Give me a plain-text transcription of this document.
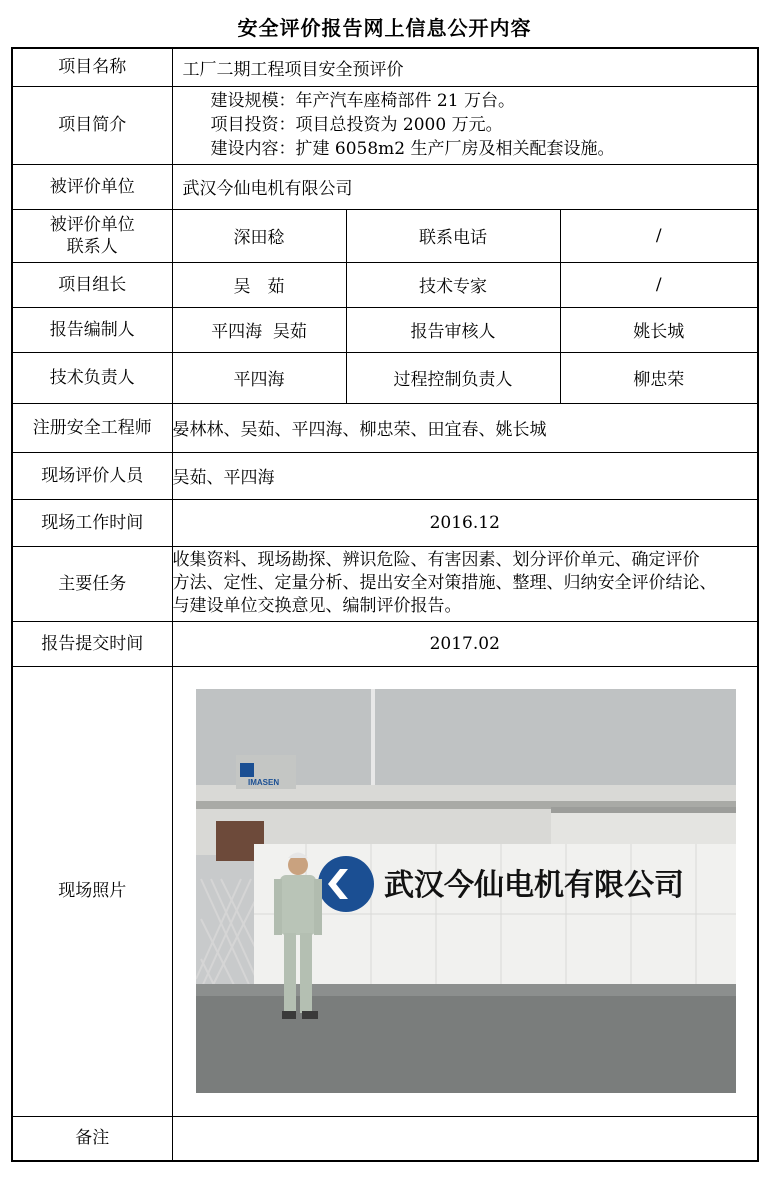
安全评价报告网上信息公开内容
项目名称	工厂二期工程项目安全预评价		
项目简介	建设规模：年产汽车座椅部件 21 万台。
项目投资：项目总投资为 2000 万元。
建设内容：扩建 6058m2 生产厂房及相关配套设施。		

被评价单位	武汉今仙电机有限公司		

被评价单位
联系人	深田稔	联系电话	/
项目组长	吴　茹	技术专家	/
报告编制人	平四海  吴茹	报告审核人	姚长城
技术负责人	平四海	过程控制负责人	柳忠荣
注册安全工程师	晏林林、吴茹、平四海、柳忠荣、田宜春、姚长城		
现场评价人员	吴茹、平四海		
现场工作时间	2016.12		
主要任务	收集资料、现场勘探、辨识危险、有害因素、划分评价单元、确定评价
方法、定性、定量分析、提出安全对策措施、整理、归纳安全评价结论、
与建设单位交换意见、编制评价报告。		

报告提交时间	2017.02		
现场照片	IMASEN
武汉今仙电机有限公司		

备注			
